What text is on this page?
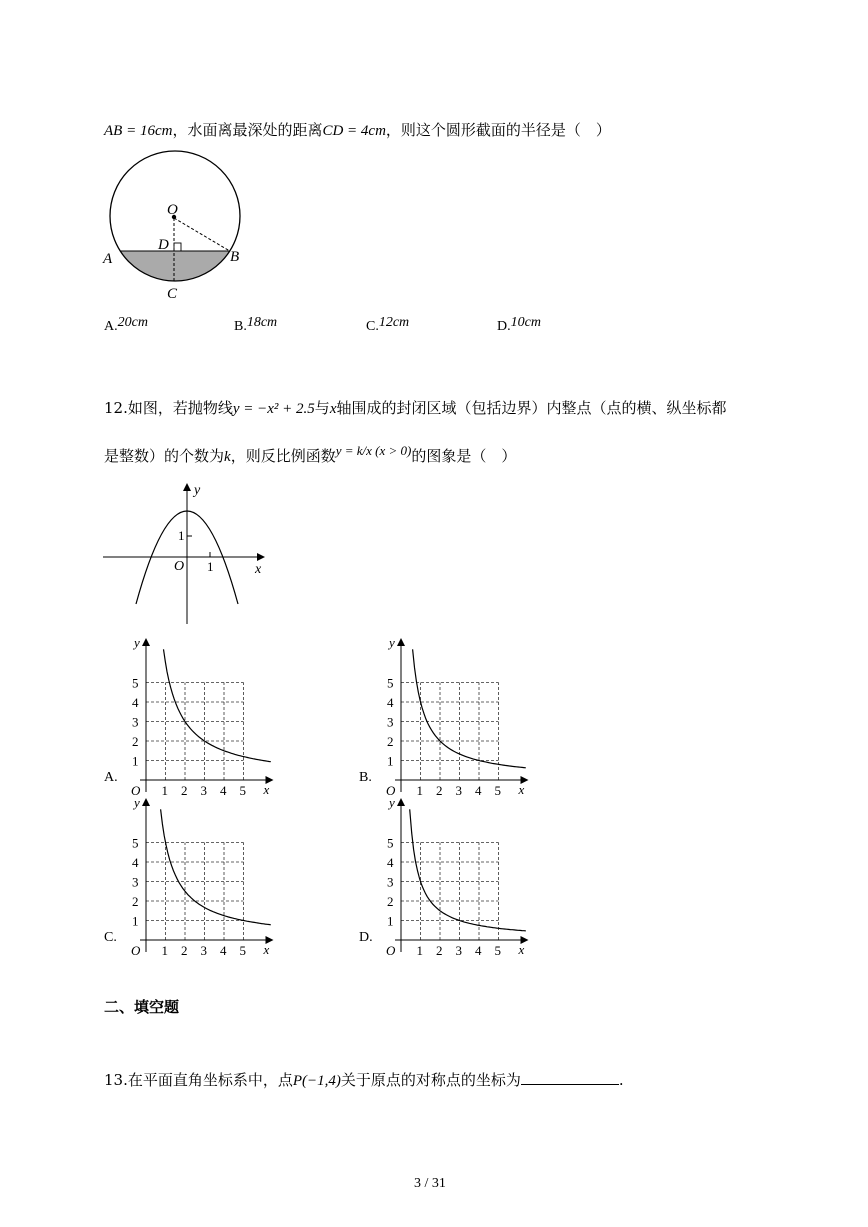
AB = 16cm，水面离最深处的距离CD = 4cm，则这个圆形截面的半径是（　）
O
D
A	B
C
A.20cm	B.18cm	C.12cm	D.10cm
12.如图，若抛物线y = −x² + 2.5与x轴围成的封闭区域（包括边界）内整点（点的横、纵坐标都
是整数）的个数为k，则反比例函数y = k/x (x > 0)的图象是（　）
y
x
O
1
1
1
1
2
2
3
3
4
4
5
5
O	x
y
A.
1
1
2
2
3
3
4
4
5
5
O	x
y
B.
1
1
2
2
3
3
4
4
5
5
O	x
y
C.
1
1
2
2
3
3
4
4
5
5
O	x
y
D.
二、填空题
13.在平面直角坐标系中，点P(−1,4)关于原点的对称点的坐标为	.
3 / 31
